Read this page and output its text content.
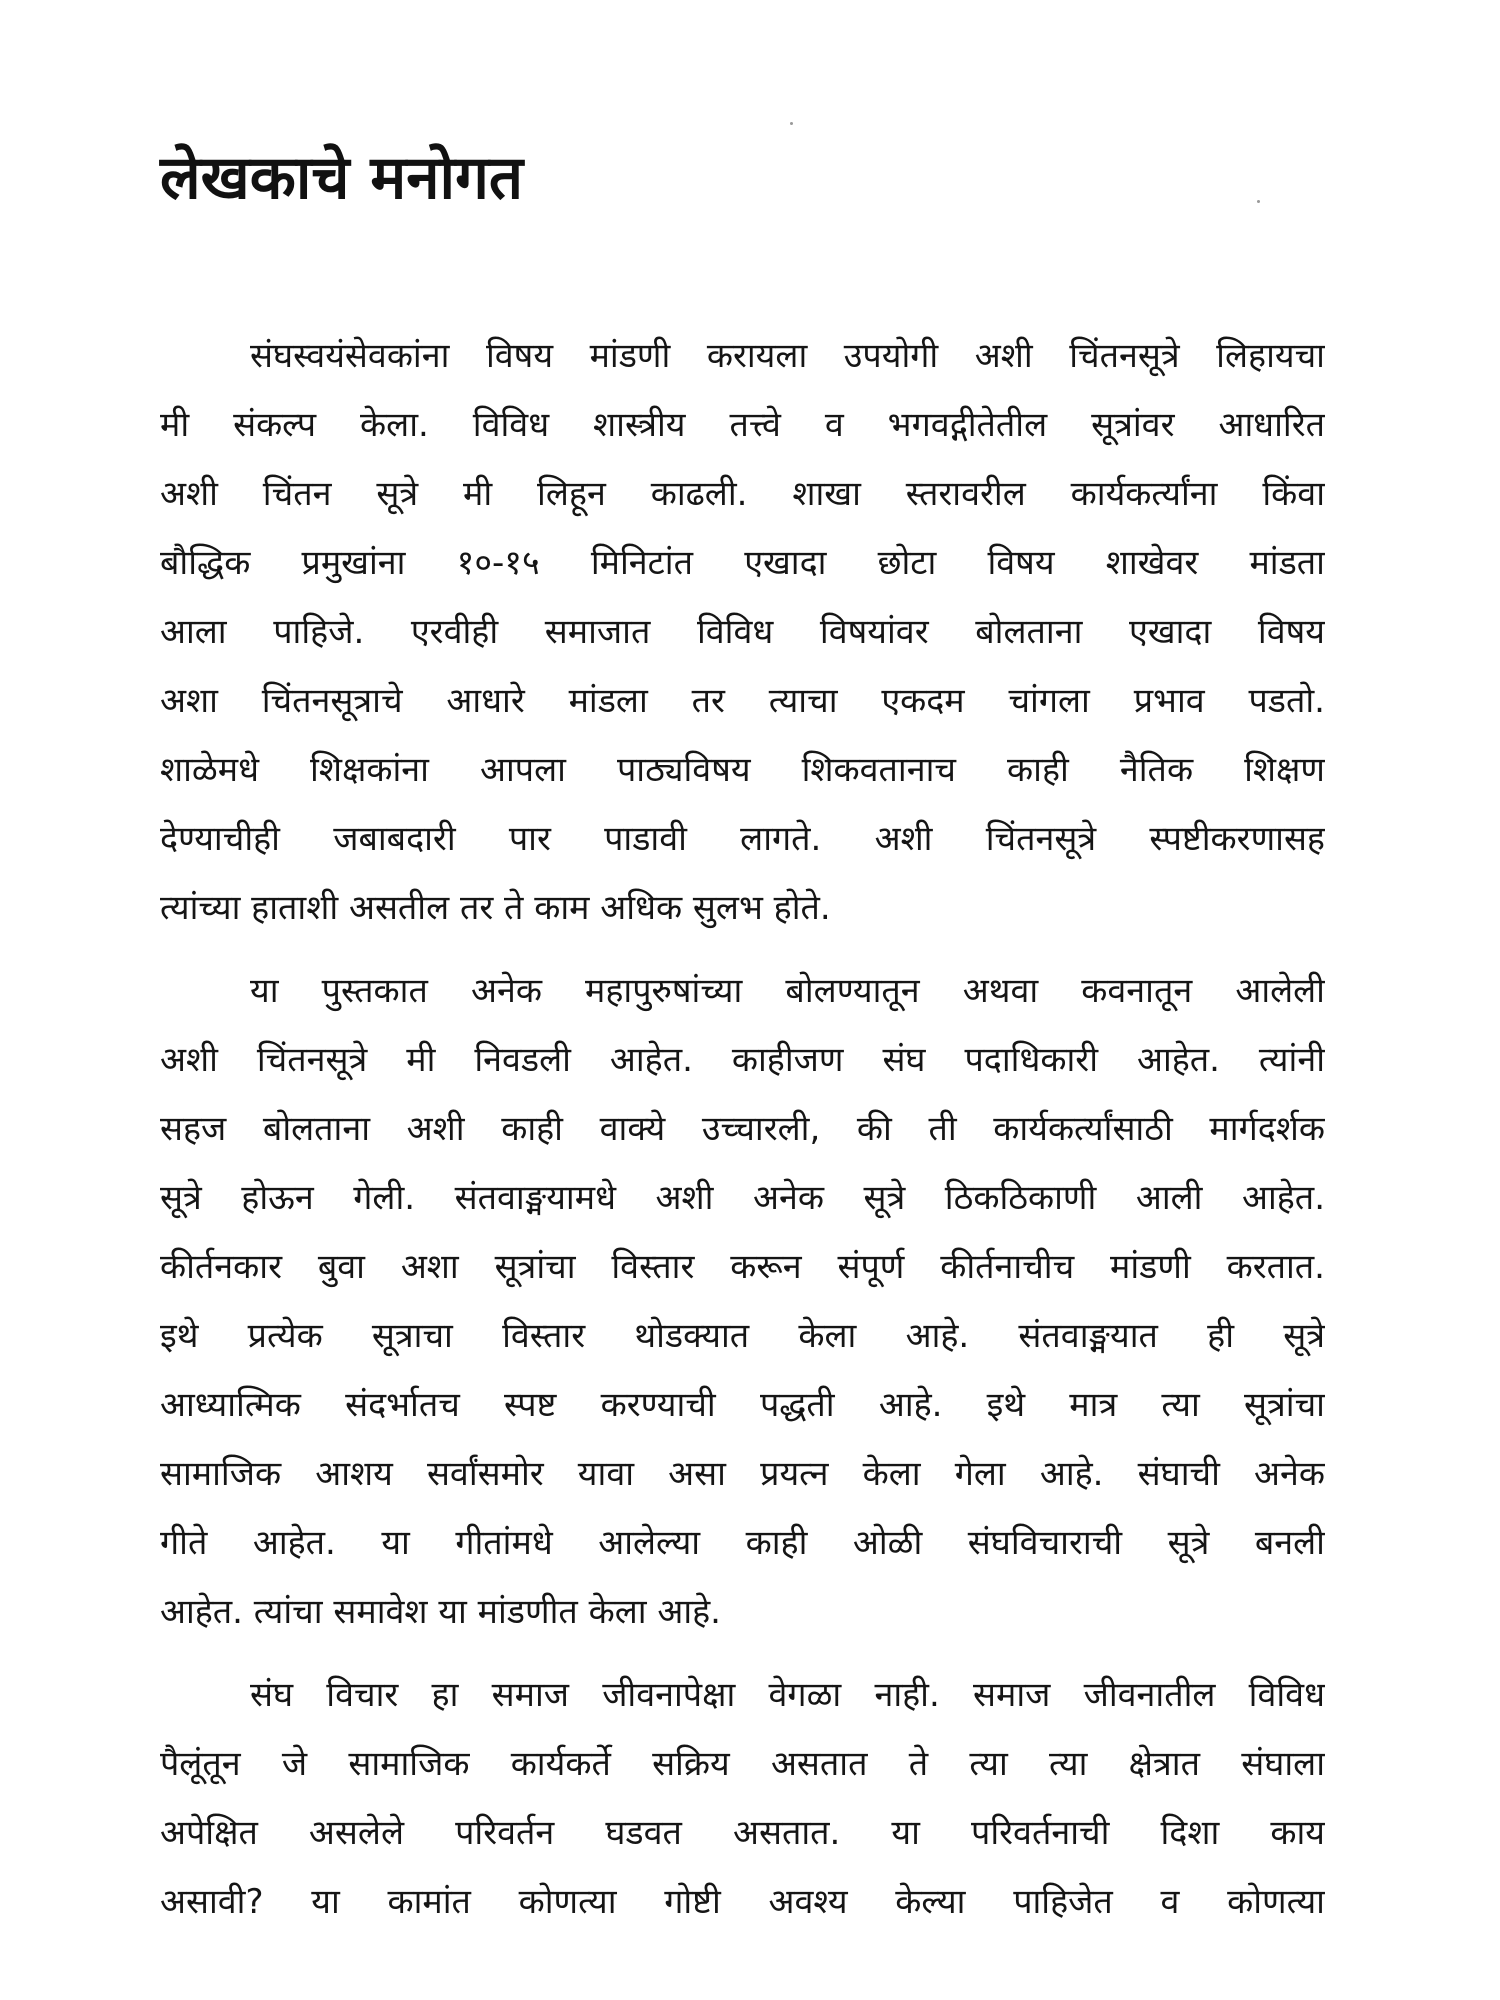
लेखकाचे मनोगत
संघस्वयंसेवकांना विषय मांडणी करायला उपयोगी अशी चिंतनसूत्रे लिहायचा
मी संकल्प केला. विविध शास्त्रीय तत्त्वे व भगवद्गीतेतील सूत्रांवर आधारित
अशी चिंतन सूत्रे मी लिहून काढली. शाखा स्तरावरील कार्यकर्त्यांना किंवा
बौद्धिक प्रमुखांना १०-१५ मिनिटांत एखादा छोटा विषय शाखेवर मांडता
आला पाहिजे. एरवीही समाजात विविध विषयांवर बोलताना एखादा विषय
अशा चिंतनसूत्राचे आधारे मांडला तर त्याचा एकदम चांगला प्रभाव पडतो.
शाळेमधे शिक्षकांना आपला पाठ्यविषय शिकवतानाच काही नैतिक शिक्षण
देण्याचीही जबाबदारी पार पाडावी लागते. अशी चिंतनसूत्रे स्पष्टीकरणासह
त्यांच्या हाताशी असतील तर ते काम अधिक सुलभ होते.
या पुस्तकात अनेक महापुरुषांच्या बोलण्यातून अथवा कवनातून आलेली
अशी चिंतनसूत्रे मी निवडली आहेत. काहीजण संघ पदाधिकारी आहेत. त्यांनी
सहज बोलताना अशी काही वाक्ये उच्चारली, की ती कार्यकर्त्यांसाठी मार्गदर्शक
सूत्रे होऊन गेली. संतवाङ्मयामधे अशी अनेक सूत्रे ठिकठिकाणी आली आहेत.
कीर्तनकार बुवा अशा सूत्रांचा विस्तार करून संपूर्ण कीर्तनाचीच मांडणी करतात.
इथे प्रत्येक सूत्राचा विस्तार थोडक्यात केला आहे. संतवाङ्मयात ही सूत्रे
आध्यात्मिक संदर्भातच स्पष्ट करण्याची पद्धती आहे. इथे मात्र त्या सूत्रांचा
सामाजिक आशय सर्वांसमोर यावा असा प्रयत्न केला गेला आहे. संघाची अनेक
गीते आहेत. या गीतांमधे आलेल्या काही ओळी संघविचाराची सूत्रे बनली
आहेत. त्यांचा समावेश या मांडणीत केला आहे.
संघ विचार हा समाज जीवनापेक्षा वेगळा नाही. समाज जीवनातील विविध
पैलूंतून जे सामाजिक कार्यकर्ते सक्रिय असतात ते त्या त्या क्षेत्रात संघाला
अपेक्षित असलेले परिवर्तन घडवत असतात. या परिवर्तनाची दिशा काय
असावी? या कामांत कोणत्या गोष्टी अवश्य केल्या पाहिजेत व कोणत्या
